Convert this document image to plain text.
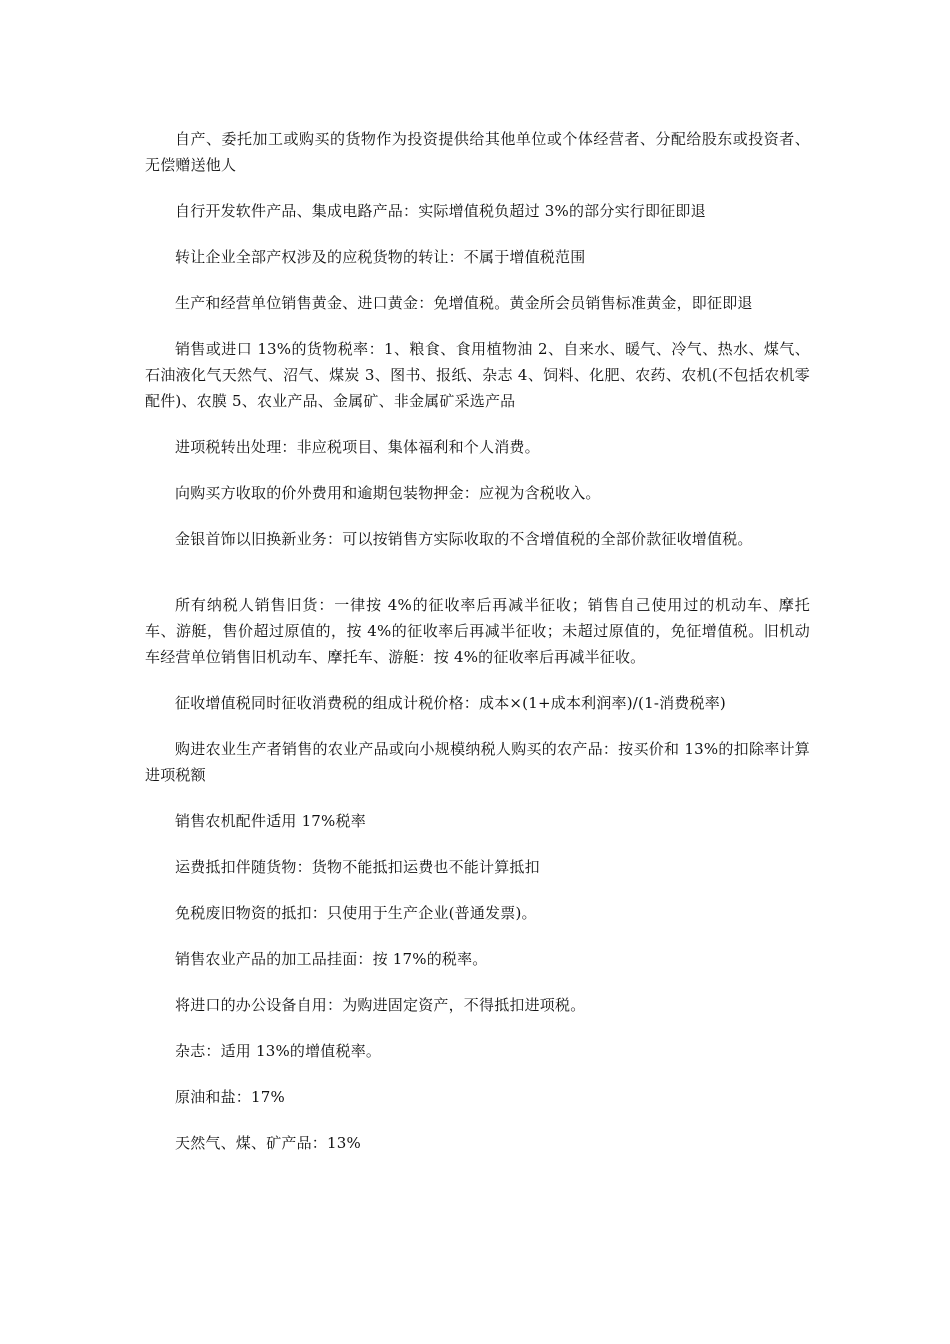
自产、委托加工或购买的货物作为投资提供给其他单位或个体经营者、分配给股东或投资者、无偿赠送他人

自行开发软件产品、集成电路产品：实际增值税负超过 3%的部分实行即征即退

转让企业全部产权涉及的应税货物的转让：不属于增值税范围

生产和经营单位销售黄金、进口黄金：免增值税。黄金所会员销售标准黄金，即征即退

销售或进口 13%的货物税率：1、粮食、食用植物油 2、自来水、暖气、冷气、热水、煤气、石油液化气天然气、沼气、煤炭 3、图书、报纸、杂志 4、饲料、化肥、农药、农机(不包括农机零配件)、农膜 5、农业产品、金属矿、非金属矿采选产品

进项税转出处理：非应税项目、集体福利和个人消费。

向购买方收取的价外费用和逾期包装物押金：应视为含税收入。

金银首饰以旧换新业务：可以按销售方实际收取的不含增值税的全部价款征收增值税。

所有纳税人销售旧货：一律按 4%的征收率后再减半征收；销售自己使用过的机动车、摩托车、游艇，售价超过原值的，按 4%的征收率后再减半征收；未超过原值的，免征增值税。旧机动车经营单位销售旧机动车、摩托车、游艇：按 4%的征收率后再减半征收。

征收增值税同时征收消费税的组成计税价格：成本×(1+成本利润率)/(1-消费税率)

购进农业生产者销售的农业产品或向小规模纳税人购买的农产品：按买价和 13%的扣除率计算进项税额

销售农机配件适用 17%税率

运费抵扣伴随货物：货物不能抵扣运费也不能计算抵扣

免税废旧物资的抵扣：只使用于生产企业(普通发票)。

销售农业产品的加工品挂面：按 17%的税率。

将进口的办公设备自用：为购进固定资产，不得抵扣进项税。

杂志：适用 13%的增值税率。

原油和盐：17%

天然气、煤、矿产品：13%
